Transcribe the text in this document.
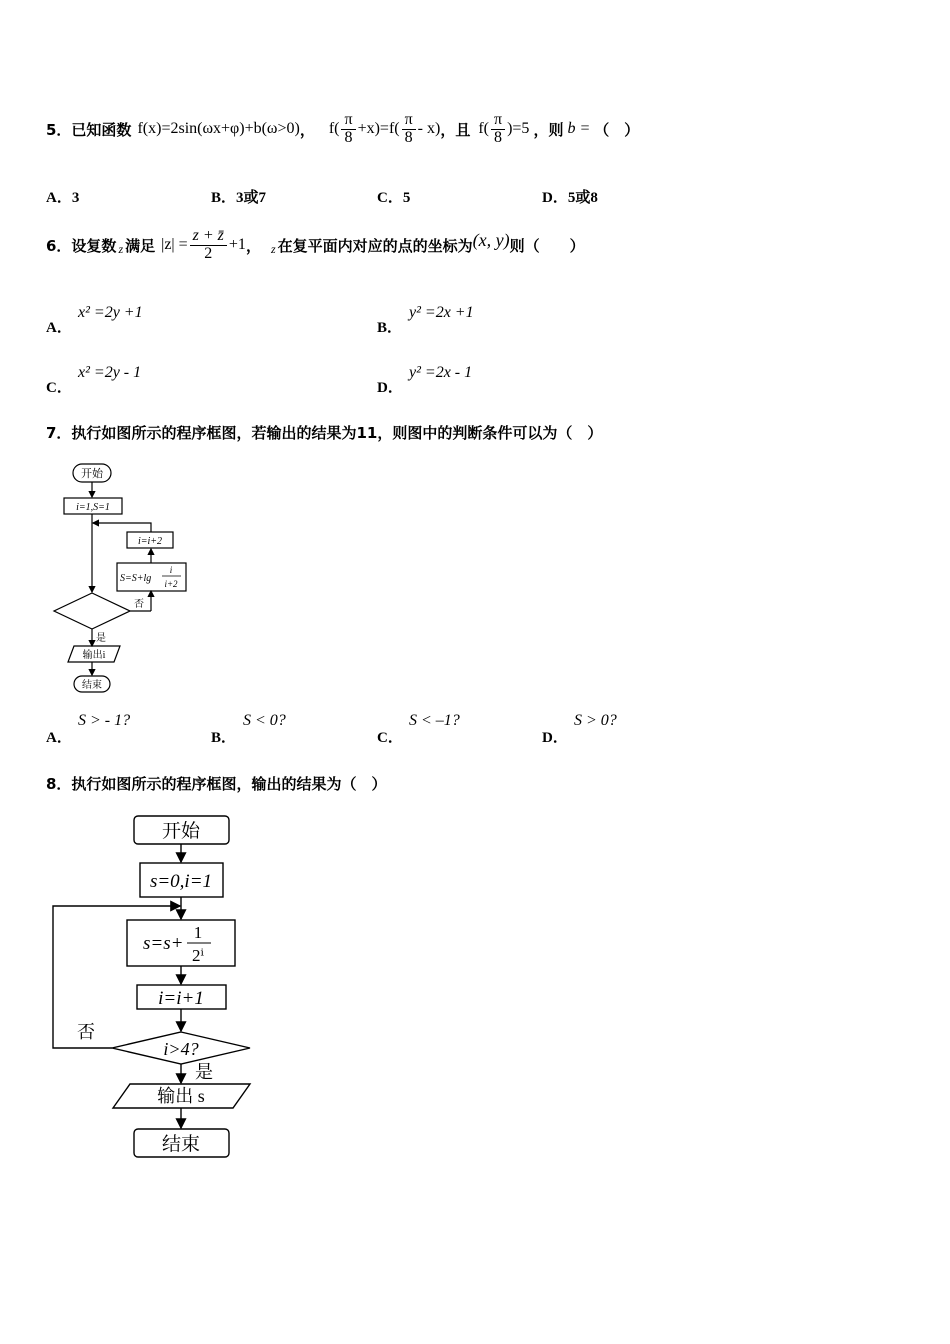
5．已知函数 f(x)=2sin(ωx+φ)+b(ω>0) ， $f( \frac{\pi}{8} +x)=f( \frac{\pi}{8} - x)$ ，且 $f( \frac{\pi}{8} )=5$ ，则 b = （　）
A．3	B．3或7	C．5	D．5或8
6．设复数 z 满足 $|z| = \frac{z + z̄}{2} +1$ ， z 在复平面内对应的点的坐标为 (x, y) 则（　　）
A．
x² =2y +1
B．
y² =2x +1
C．
x² =2y - 1
D．
y² =2x - 1
7．执行如图所示的程序框图，若输出的结果为11，则图中的判断条件可以为（　）
开始
i=1,S=1
i=i+2
S=S+lg
i
i+2
否
是
输出i
结束
A．
S > - 1?
B．
S < 0?
C．
S < –1?
D．
S > 0?
8．执行如图所示的程序框图，输出的结果为（　）
开始
s=0,i=1
s=s+
1
2ⁱ
i=i+1
i>4?
否
是
输出 s
结束
